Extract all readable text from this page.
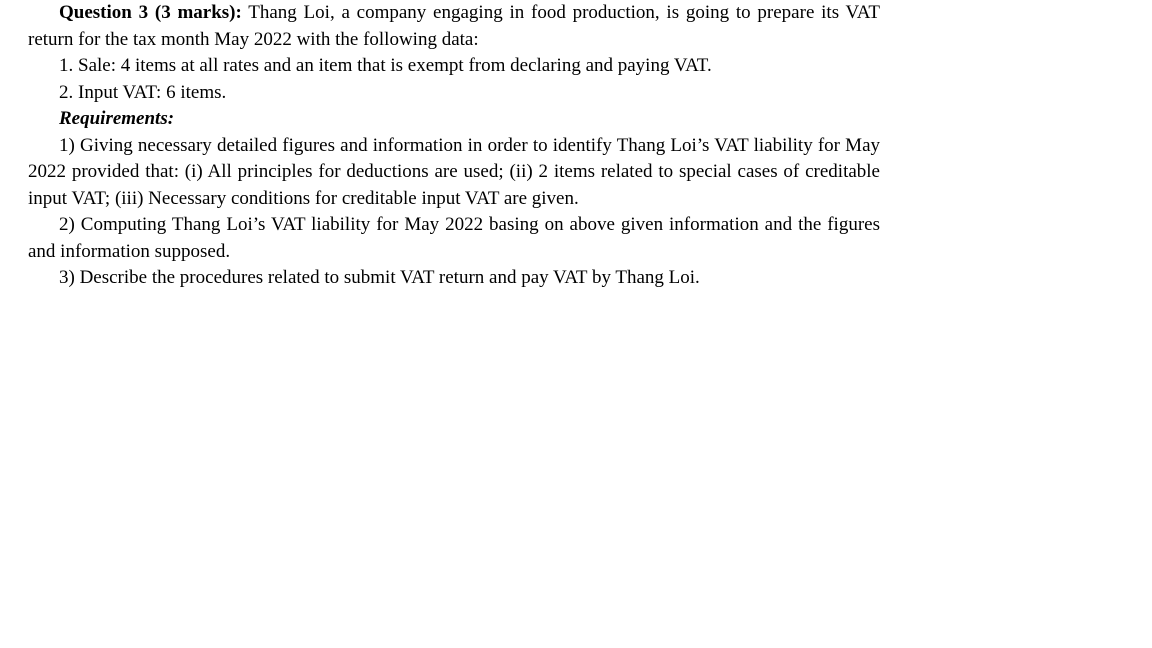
Question 3 (3 marks): Thang Loi, a company engaging in food production, is going to prepare its VAT return for the tax month May 2022 with the following data:

1. Sale: 4 items at all rates and an item that is exempt from declaring and paying VAT.

2. Input VAT: 6 items.

Requirements:

1) Giving necessary detailed figures and information in order to identify Thang Loi’s VAT liability for May 2022 provided that: (i) All principles for deductions are used; (ii) 2 items related to special cases of creditable input VAT; (iii) Necessary conditions for creditable input VAT are given.

2) Computing Thang Loi’s VAT liability for May 2022 basing on above given information and the figures and information supposed.

3) Describe the procedures related to submit VAT return and pay VAT by Thang Loi.
